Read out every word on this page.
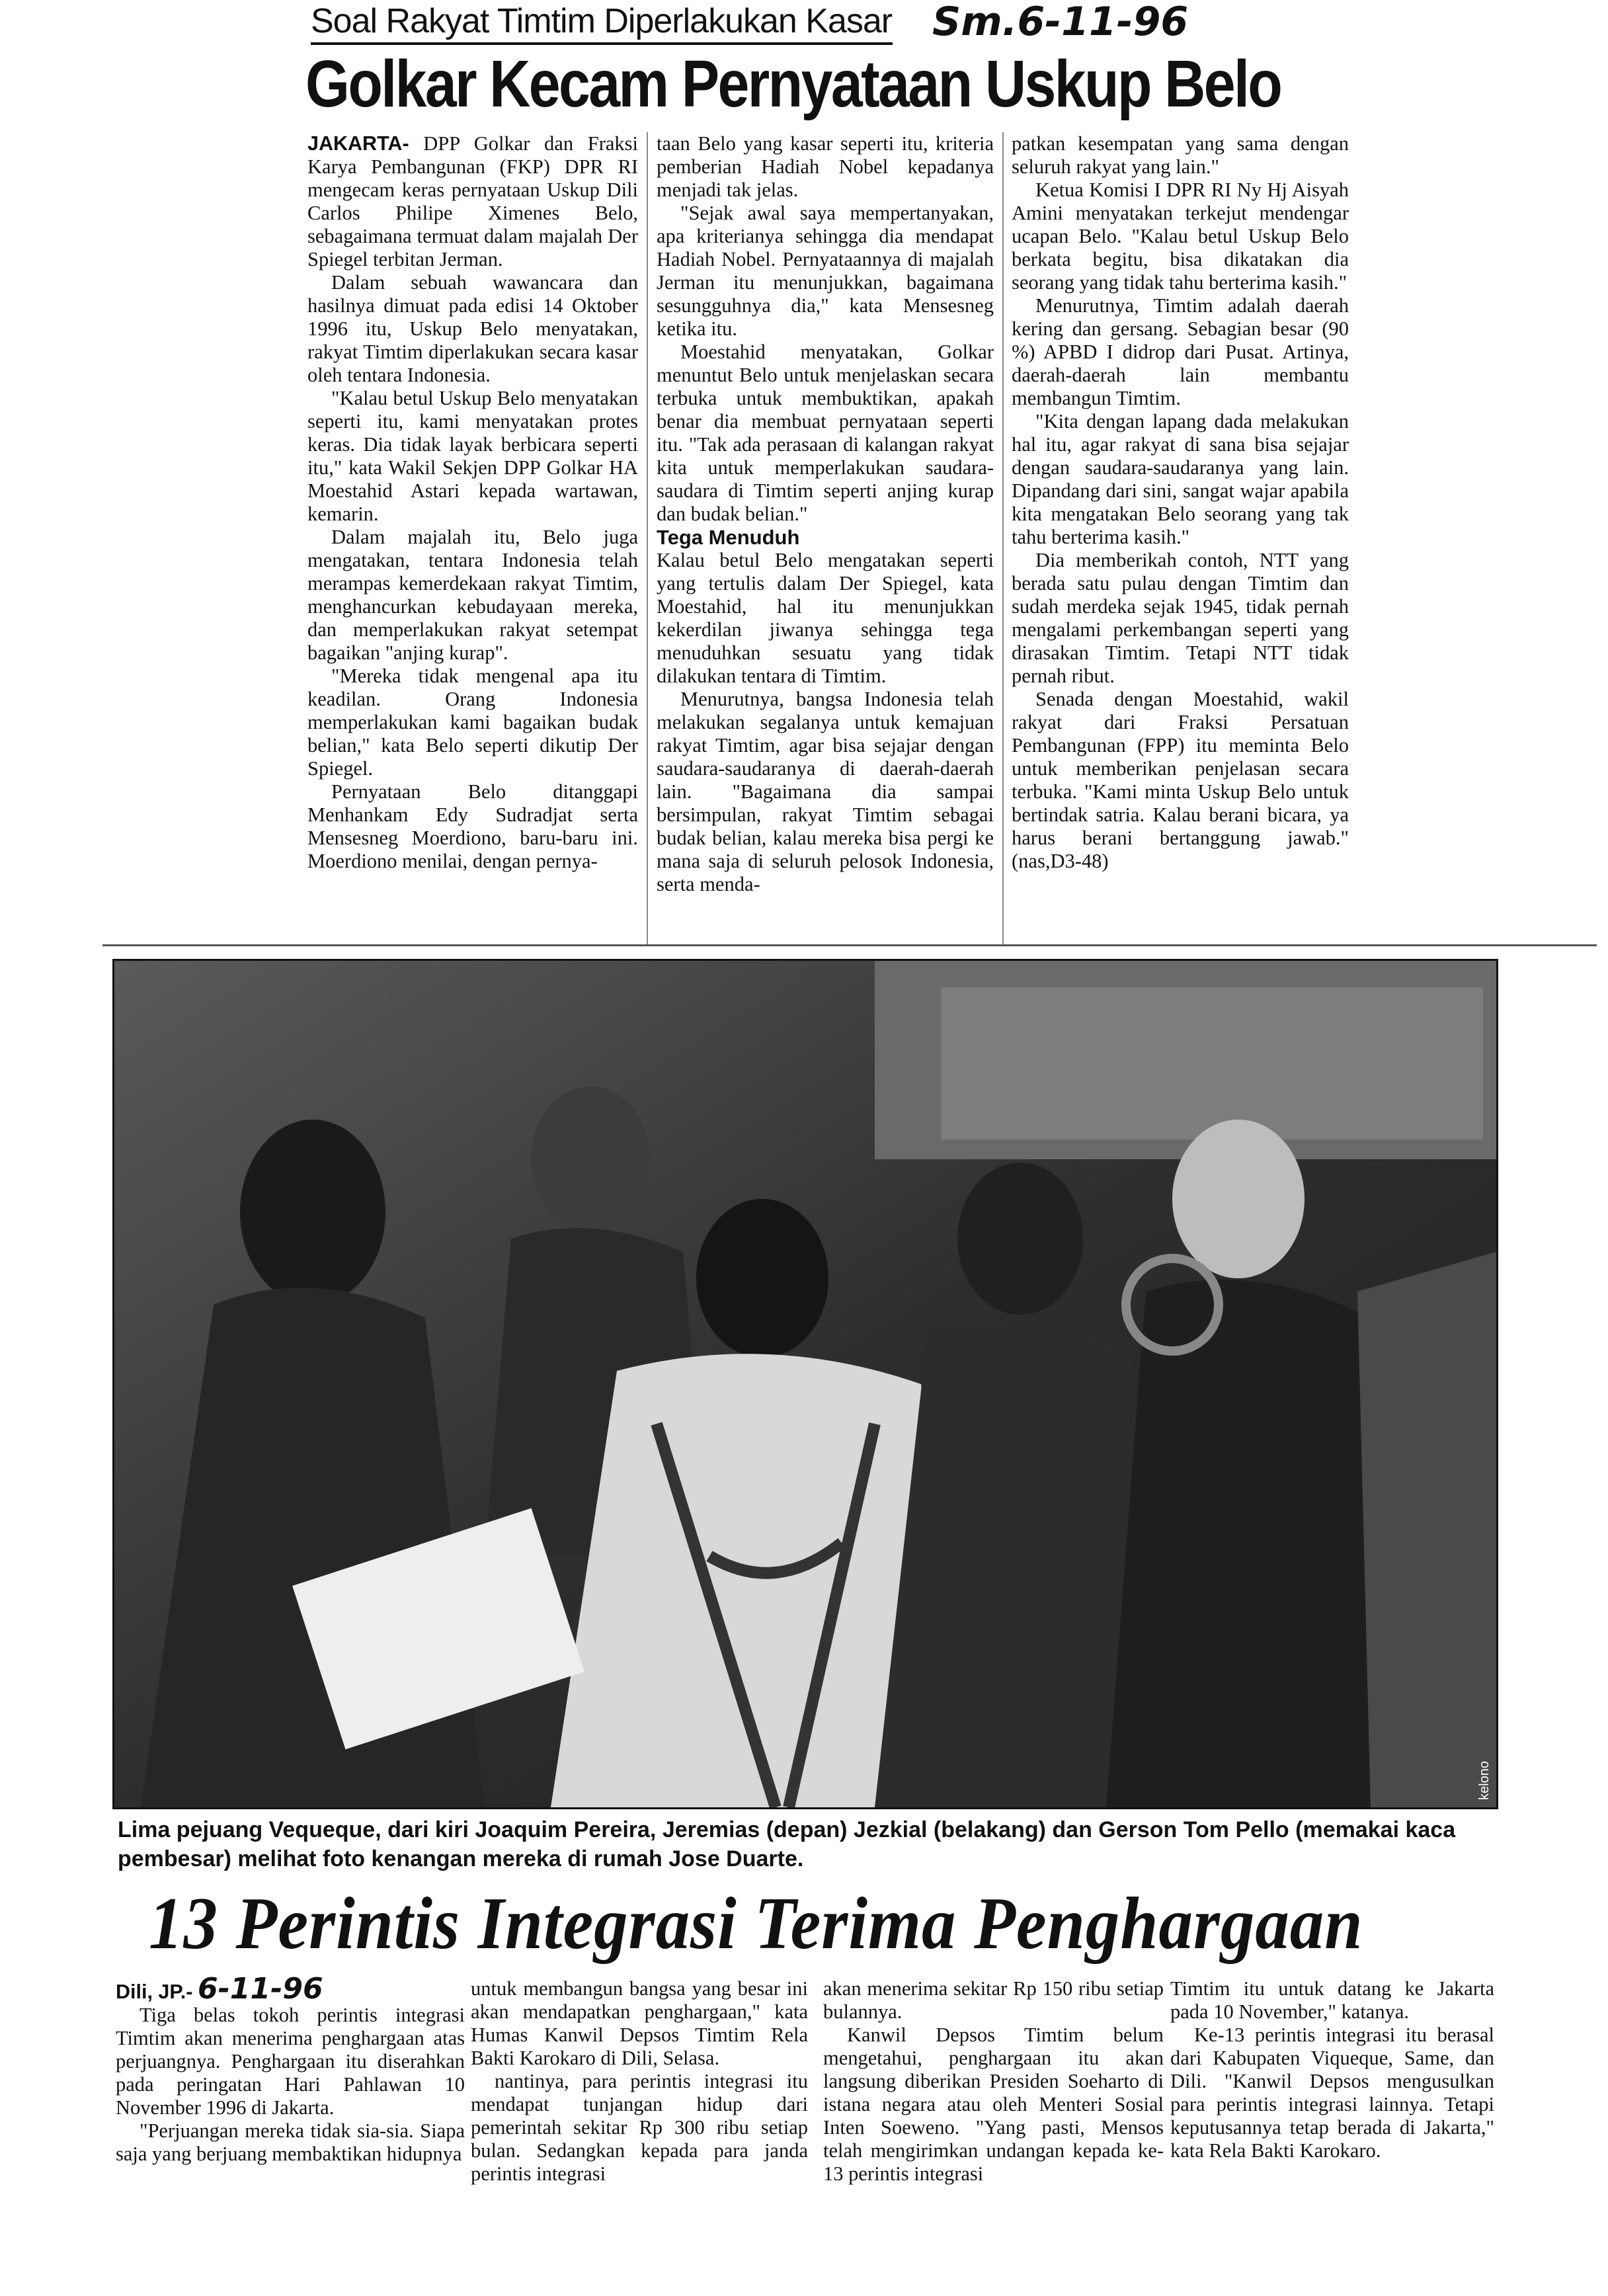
Soal Rakyat Timtim Diperlakukan Kasar Sm.6-11-96
Golkar Kecam Pernyataan Uskup Belo

JAKARTA- DPP Golkar dan Fraksi Karya Pembangunan (FKP) DPR RI mengecam keras pernyataan Uskup Dili Carlos Philipe Ximenes Belo, sebagaimana termuat dalam majalah Der Spiegel terbitan Jerman.

Dalam sebuah wawancara dan hasilnya dimuat pada edisi 14 Oktober 1996 itu, Uskup Belo menyatakan, rakyat Timtim diperlakukan secara kasar oleh tentara Indonesia.

"Kalau betul Uskup Belo menyatakan seperti itu, kami menyatakan protes keras. Dia tidak layak berbicara seperti itu," kata Wakil Sekjen DPP Golkar HA Moestahid Astari kepada wartawan, kemarin.

Dalam majalah itu, Belo juga mengatakan, tentara Indonesia telah merampas kemerdekaan rakyat Timtim, menghancurkan kebudayaan mereka, dan memperlakukan rakyat setempat bagaikan "anjing kurap".

"Mereka tidak mengenal apa itu keadilan. Orang Indonesia memperlakukan kami bagaikan budak belian," kata Belo seperti dikutip Der Spiegel.

Pernyataan Belo ditanggapi Menhankam Edy Sudradjat serta Mensesneg Moerdiono, baru-baru ini. Moerdiono menilai, dengan pernya-

taan Belo yang kasar seperti itu, kriteria pemberian Hadiah Nobel kepadanya menjadi tak jelas.

"Sejak awal saya mempertanyakan, apa kriterianya sehingga dia mendapat Hadiah Nobel. Pernyataannya di majalah Jerman itu menunjukkan, bagaimana sesungguhnya dia," kata Mensesneg ketika itu.

Moestahid menyatakan, Golkar menuntut Belo untuk menjelaskan secara terbuka untuk membuktikan, apakah benar dia membuat pernyataan seperti itu. "Tak ada perasaan di kalangan rakyat kita untuk memperlakukan saudara-saudara di Timtim seperti anjing kurap dan budak belian."

Tega Menuduh

Kalau betul Belo mengatakan seperti yang tertulis dalam Der Spiegel, kata Moestahid, hal itu menunjukkan kekerdilan jiwanya sehingga tega menuduhkan sesuatu yang tidak dilakukan tentara di Timtim.

Menurutnya, bangsa Indonesia telah melakukan segalanya untuk kemajuan rakyat Timtim, agar bisa sejajar dengan saudara-saudaranya di daerah-daerah lain. "Bagaimana dia sampai bersimpulan, rakyat Timtim sebagai budak belian, kalau mereka bisa pergi ke mana saja di seluruh pelosok Indonesia, serta menda-

patkan kesempatan yang sama dengan seluruh rakyat yang lain."

Ketua Komisi I DPR RI Ny Hj Aisyah Amini menyatakan terkejut mendengar ucapan Belo. "Kalau betul Uskup Belo berkata begitu, bisa dikatakan dia seorang yang tidak tahu berterima kasih."

Menurutnya, Timtim adalah daerah kering dan gersang. Sebagian besar (90 %) APBD I didrop dari Pusat. Artinya, daerah-daerah lain membantu membangun Timtim.

"Kita dengan lapang dada melakukan hal itu, agar rakyat di sana bisa sejajar dengan saudara-saudaranya yang lain. Dipandang dari sini, sangat wajar apabila kita mengatakan Belo seorang yang tak tahu berterima kasih."

Dia memberikah contoh, NTT yang berada satu pulau dengan Timtim dan sudah merdeka sejak 1945, tidak pernah mengalami perkembangan seperti yang dirasakan Timtim. Tetapi NTT tidak pernah ribut.

Senada dengan Moestahid, wakil rakyat dari Fraksi Persatuan Pembangunan (FPP) itu meminta Belo untuk memberikan penjelasan secara terbuka. "Kami minta Uskup Belo untuk bertindak satria. Kalau berani bicara, ya harus berani bertanggung jawab." (nas,D3-48)

kelono
Lima pejuang Vequeque, dari kiri Joaquim Pereira, Jeremias (depan) Jezkial (belakang) dan Gerson Tom Pello (memakai kaca pembesar) melihat foto kenangan mereka di rumah Jose Duarte.
13 Perintis Integrasi Terima Penghargaan

Dili, JP.- 6-11-96

Tiga belas tokoh perintis integrasi Timtim akan menerima penghargaan atas perjuangnya. Penghargaan itu diserahkan pada peringatan Hari Pahlawan 10 November 1996 di Jakarta.

"Perjuangan mereka tidak sia-sia. Siapa saja yang berjuang membaktikan hidupnya

untuk membangun bangsa yang besar ini akan mendapatkan penghargaan," kata Humas Kanwil Depsos Timtim Rela Bakti Karokaro di Dili, Selasa.

nantinya, para perintis integrasi itu mendapat tunjangan hidup dari pemerintah sekitar Rp 300 ribu setiap bulan. Sedangkan kepada para janda perintis integrasi

akan menerima sekitar Rp 150 ribu setiap bulannya.

Kanwil Depsos Timtim belum mengetahui, penghargaan itu akan langsung diberikan Presiden Soeharto di istana negara atau oleh Menteri Sosial Inten Soeweno. "Yang pasti, Mensos telah mengirimkan undangan kepada ke-13 perintis integrasi

Timtim itu untuk datang ke Jakarta pada 10 November," katanya.

Ke-13 perintis integrasi itu berasal dari Kabupaten Viqueque, Same, dan Dili. "Kanwil Depsos mengusulkan para perintis integrasi lainnya. Tetapi keputusannya tetap berada di Jakarta," kata Rela Bakti Karokaro.
